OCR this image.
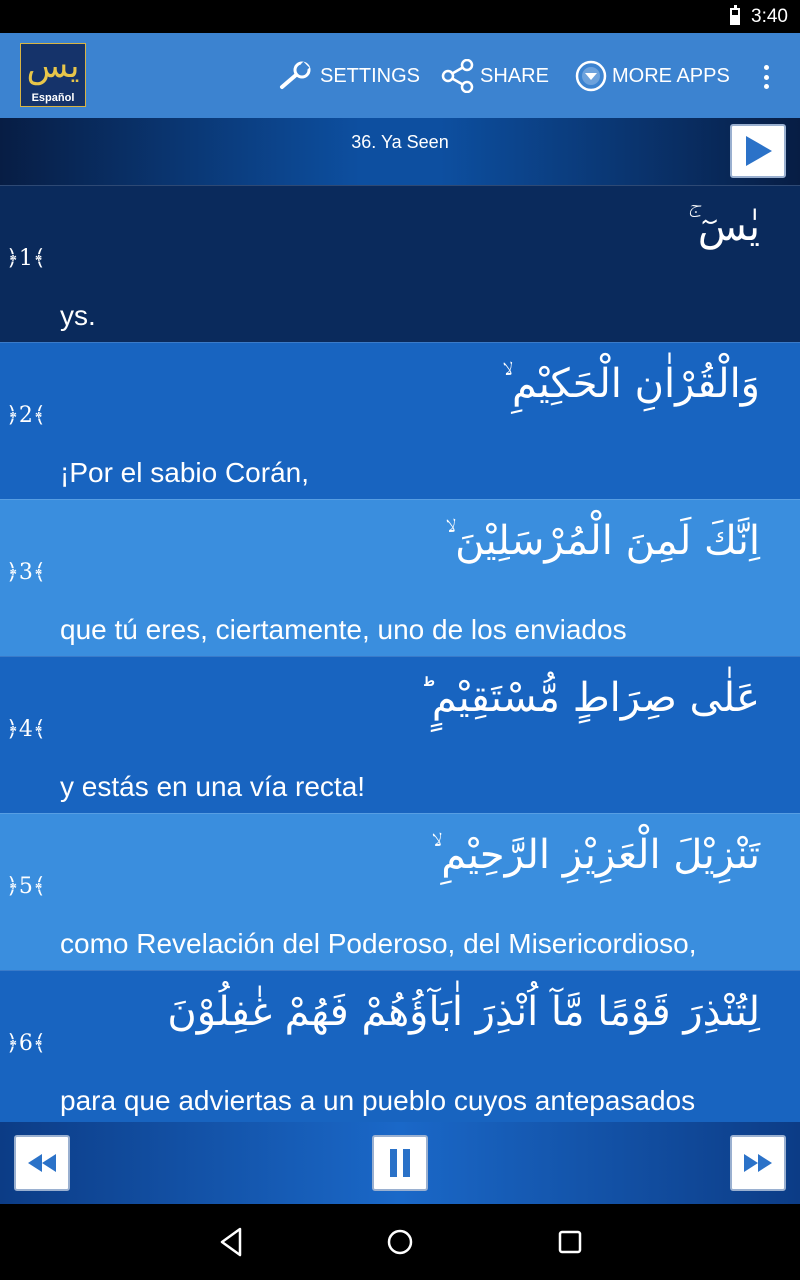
3:40
يس
Español
SETTINGS	SHARE	MORE APPS
36. Ya Seen
يٰسٓ ۚ
﴿1﴾
ys.
وَالْقُرْاٰنِ الْحَكِيْمِ ۙ
﴿2﴾
¡Por el sabio Corán,
اِنَّكَ لَمِنَ الْمُرْسَلِيْنَ ۙ
﴿3﴾
que tú eres, ciertamente, uno de los enviados
عَلٰى صِرَاطٍ مُّسْتَقِيْمٍ ؕ
﴿4﴾
y estás en una vía recta!
تَنْزِيْلَ الْعَزِيْزِ الرَّحِيْمِ ۙ
﴿5﴾
como Revelación del Poderoso, del Misericordioso,
لِتُنْذِرَ قَوْمًا مَّآ اُنْذِرَ اٰبَآؤُهُمْ فَهُمْ غٰفِلُوْنَ
﴿6﴾
para que adviertas a un pueblo cuyos antepasados
